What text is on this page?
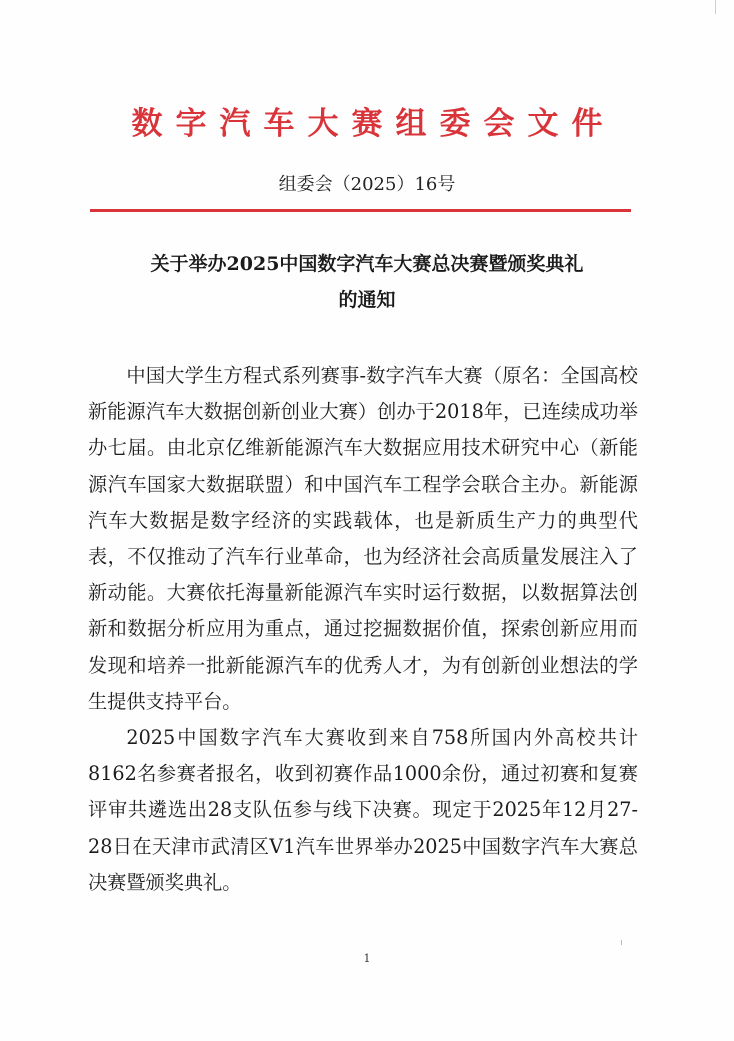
数字汽车大赛组委会文件
组委会（2025）16号
关于举办2025中国数字汽车大赛总决赛暨颁奖典礼
的通知

中国大学生方程式系列赛事-数字汽车大赛（原名：全国高校新能源汽车大数据创新创业大赛）创办于2018年，已连续成功举办七届。由北京亿维新能源汽车大数据应用技术研究中心（新能源汽车国家大数据联盟）和中国汽车工程学会联合主办。新能源汽车大数据是数字经济的实践载体，也是新质生产力的典型代表，不仅推动了汽车行业革命，也为经济社会高质量发展注入了新动能。大赛依托海量新能源汽车实时运行数据，以数据算法创新和数据分析应用为重点，通过挖掘数据价值，探索创新应用而发现和培养一批新能源汽车的优秀人才，为有创新创业想法的学生提供支持平台。

2025中国数字汽车大赛收到来自758所国内外高校共计8162名参赛者报名，收到初赛作品1000余份，通过初赛和复赛评审共遴选出28支队伍参与线下决赛。现定于2025年12月27-28日在天津市武清区V1汽车世界举办2025中国数字汽车大赛总决赛暨颁奖典礼。

1
